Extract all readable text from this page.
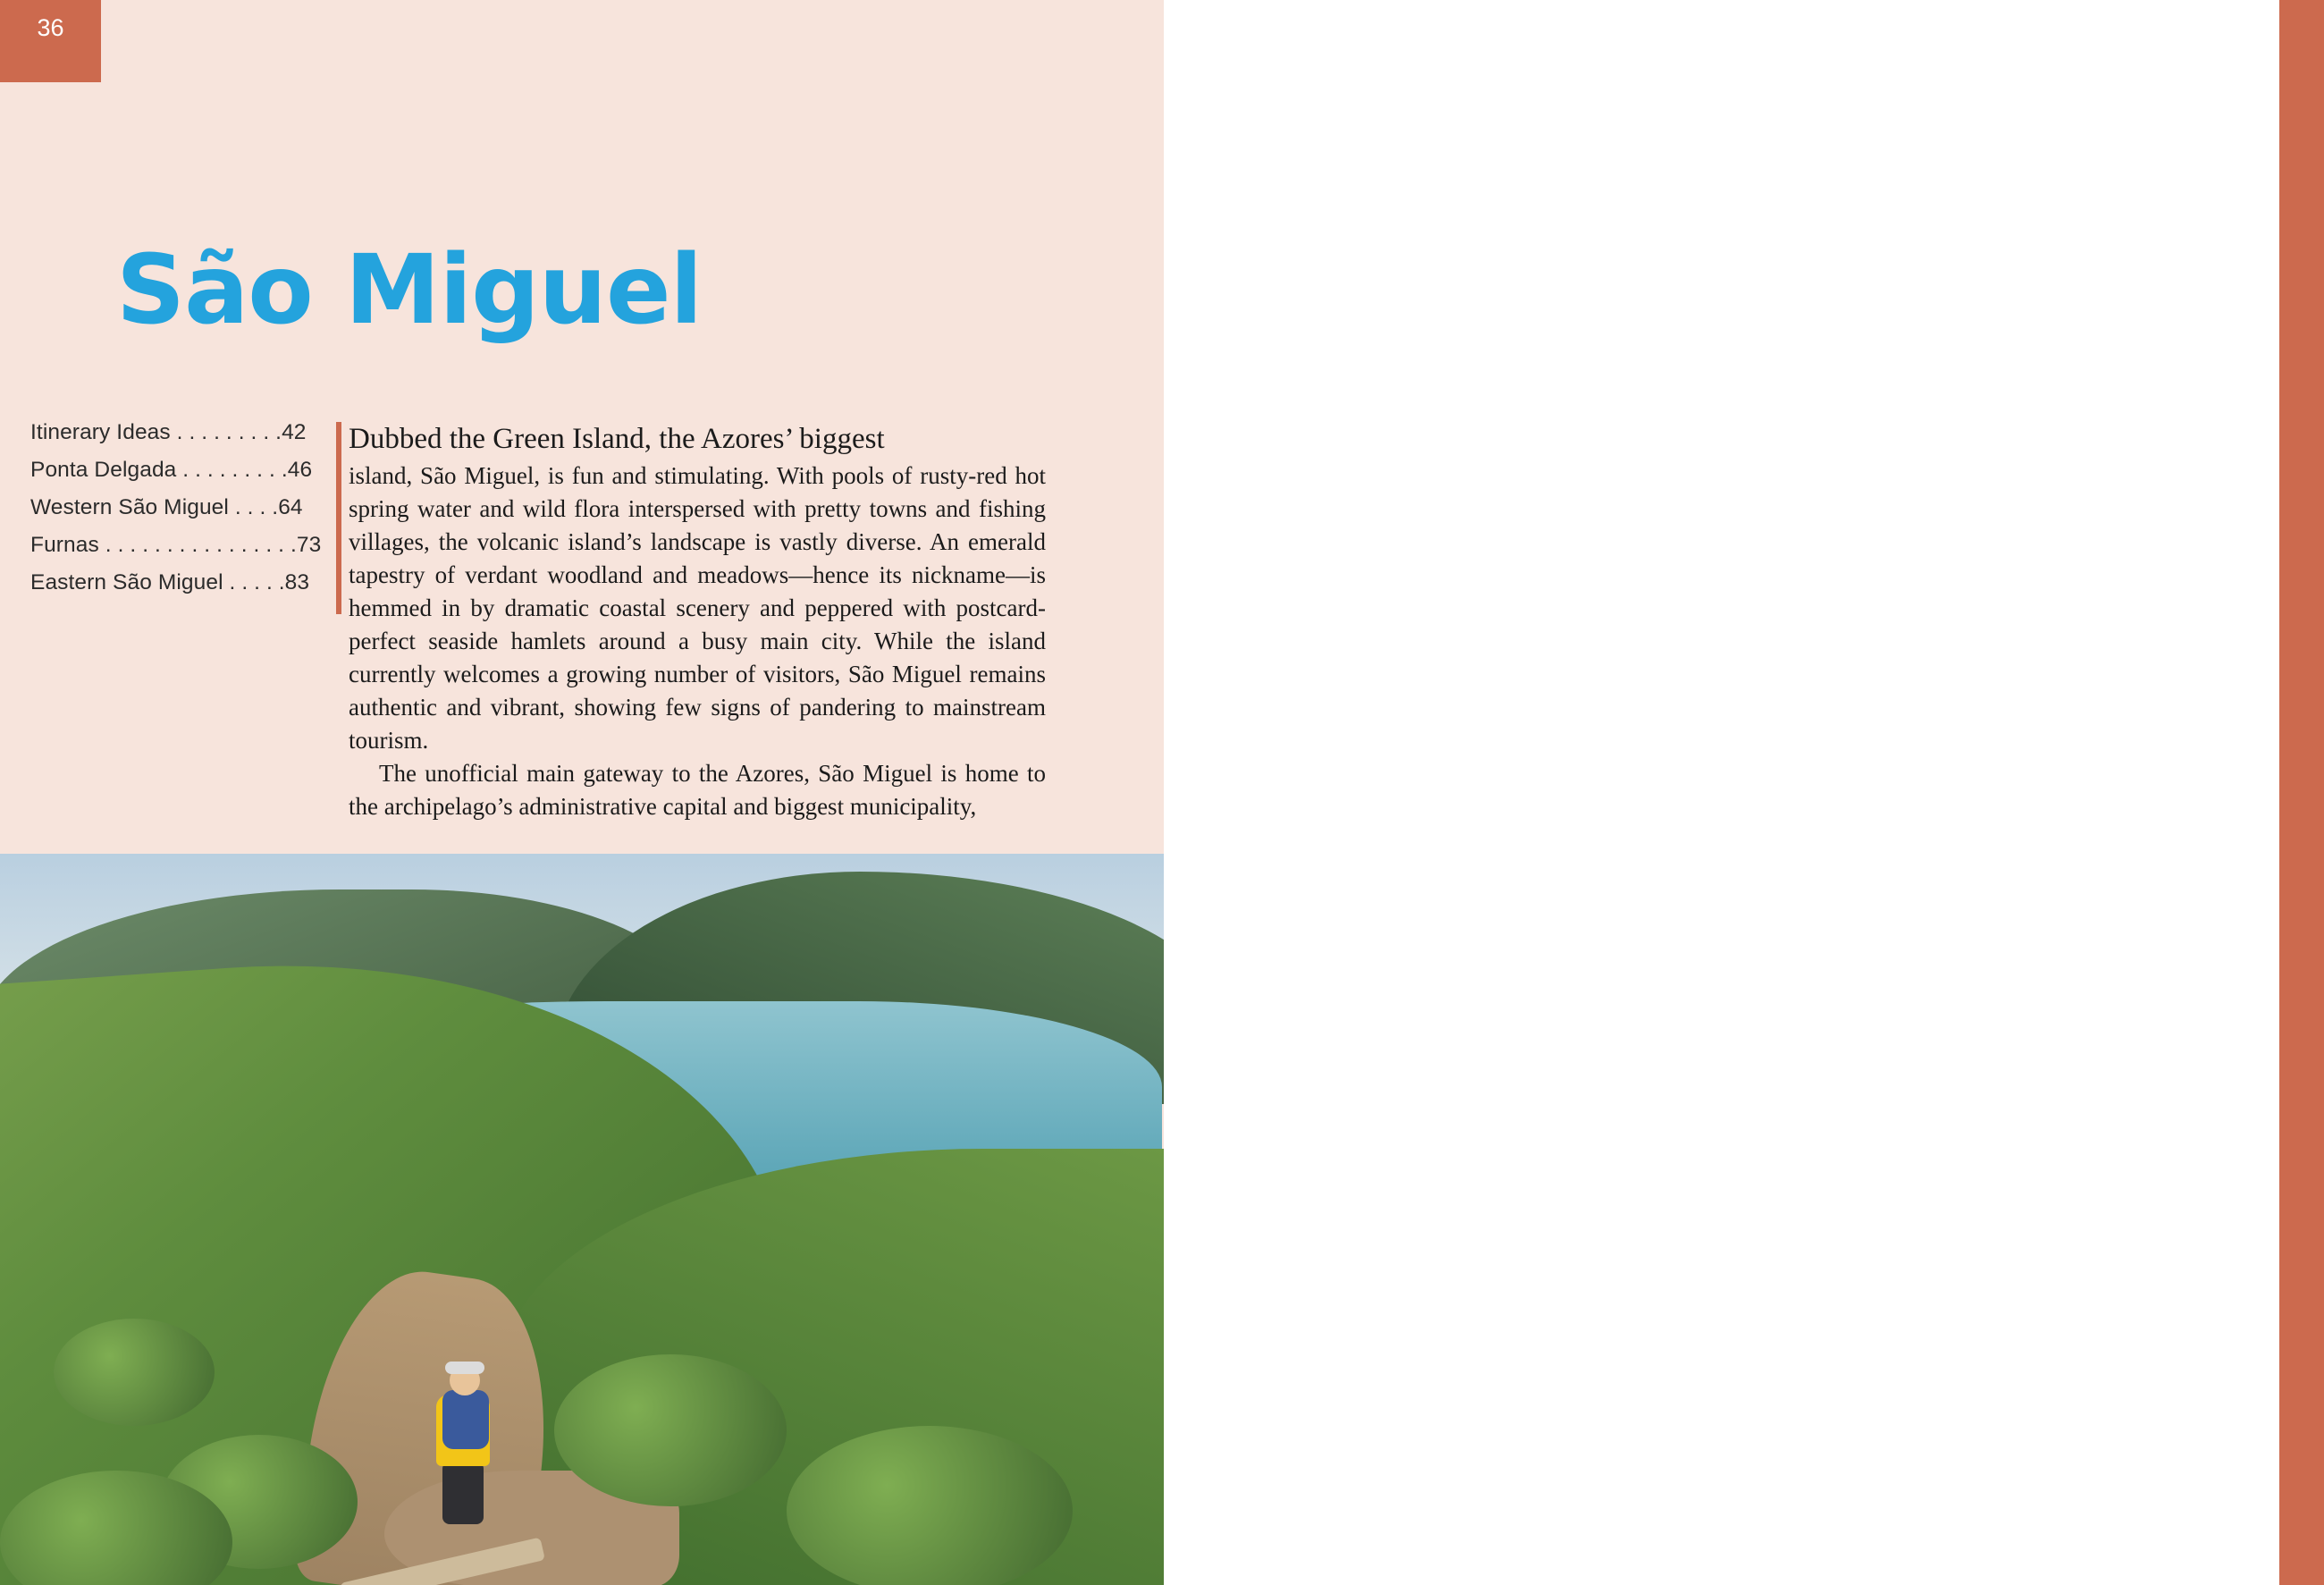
36
São Miguel
Itinerary Ideas . . . . . . . . .42
Ponta Delgada . . . . . . . . .46
Western São Miguel . . . .64
Furnas . . . . . . . . . . . . . . . .73
Eastern São Miguel . . . . .83

Dubbed the Green Island, the Azores’ biggest

island, São Miguel, is fun and stimulating. With pools of rusty-red hot spring water and wild flora interspersed with pretty towns and fishing villages, the volcanic island’s landscape is vastly diverse. An emerald tapestry of verdant woodland and meadows—hence its nickname—is hemmed in by dramatic coastal scenery and peppered with postcard-perfect seaside hamlets around a busy main city. While the island currently welcomes a growing number of visitors, São Miguel remains authentic and vibrant, showing few signs of pandering to mainstream tourism.

The unofficial main gateway to the Azores, São Miguel is home to the archipelago’s administrative capital and biggest municipality,
